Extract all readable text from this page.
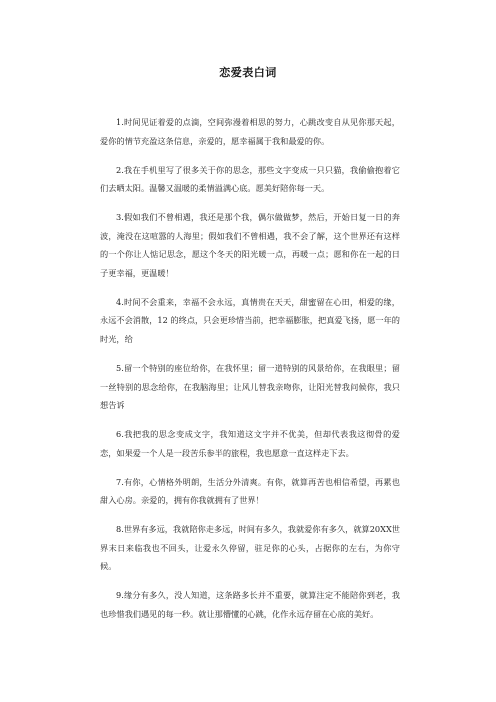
恋爱表白词

1.时间见证着爱的点滴，空间弥漫着相思的努力，心跳改变自从见你那天起，爱你的情节充盈这条信息，亲爱的，愿幸福属于我和最爱的你。

2.我在手机里写了很多关于你的思念，那些文字变成一只只猫，我偷偷抱着它们去晒太阳。温馨又温暖的柔情溢满心底。愿美好陪你每一天。

3.假如我们不曾相遇，我还是那个我，偶尔做做梦，然后，开始日复一日的奔波，淹没在这喧嚣的人海里；假如我们不曾相遇，我不会了解，这个世界还有这样的一个你让人惦记思念，愿这个冬天的阳光暖一点，再暖一点；愿和你在一起的日子更幸福，更温暖！

4.时间不会重来，幸福不会永远，真情贵在天天，甜蜜留在心田，相爱的缘，永远不会消散，12 的终点，只会更珍惜当前，把幸福膨胀，把真爱飞扬，愿一年的时光，给

5.留一个特别的座位给你，在我怀里；留一道特别的风景给你，在我眼里；留一丝特别的思念给你，在我脑海里；让风儿替我亲吻你，让阳光替我问候你，我只想告诉

6.我把我的思念变成文字，我知道这文字并不优美，但却代表我这彻骨的爱恋，如果爱一个人是一段苦乐参半的旅程，我也愿意一直这样走下去。

7.有你，心情格外明朗，生活分外清爽。有你，就算再苦也相信希望，再累也甜入心房。亲爱的，拥有你我就拥有了世界！

8.世界有多远，我就陪你走多远，时间有多久，我就爱你有多久，就算20XX世界末日来临我也不回头，让爱永久停留，驻足你的心头，占据你的左右，为你守候。

9.缘分有多久，没人知道，这条路多长并不重要，就算注定不能陪你到老，我也珍惜我们遇见的每一秒。就让那懵懂的心跳，化作永远存留在心底的美好。
